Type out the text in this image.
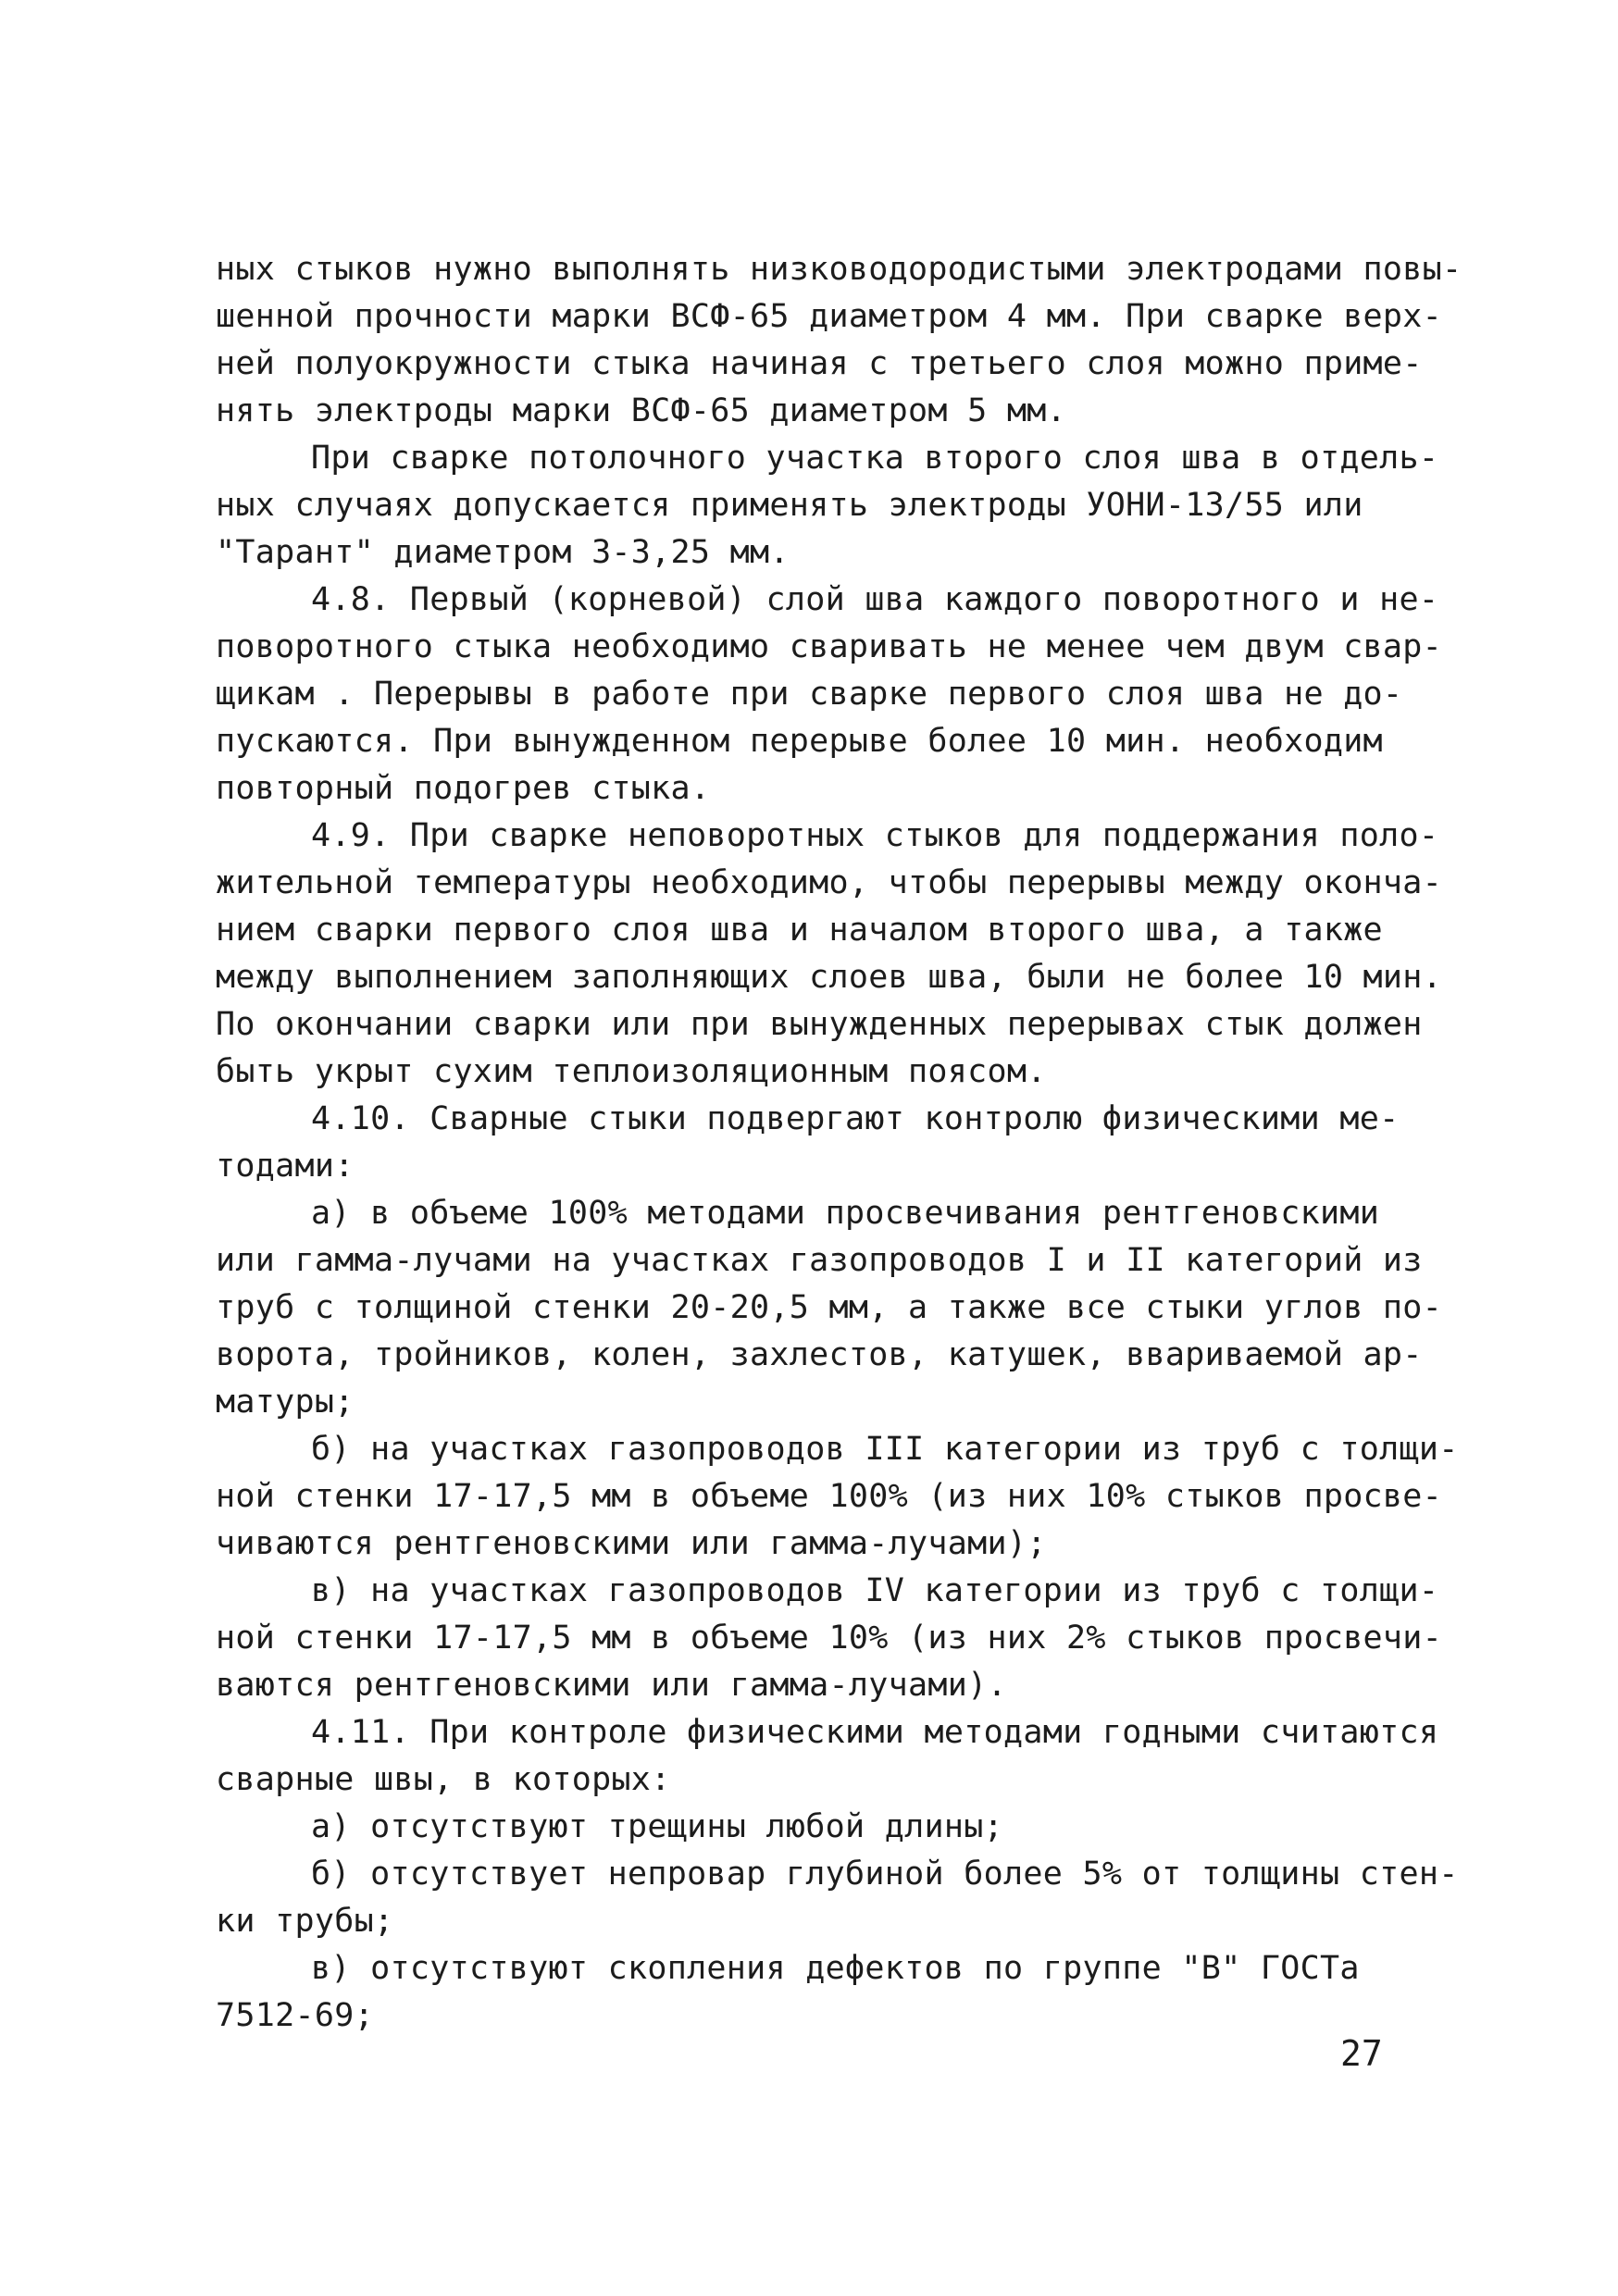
ных стыков нужно выполнять низководородистыми электродами повы-
шенной прочности марки ВСФ-65 диаметром 4 мм. При сварке верх-
ней полуокружности стыка начиная с третьего слоя можно приме-
нять электроды марки ВСФ-65 диаметром 5 мм.
При сварке потолочного участка второго слоя шва в отдель-
ных случаях допускается применять электроды УОНИ-13/55 или
"Тарант" диаметром 3-3,25 мм.
4.8. Первый (корневой) слой шва каждого поворотного и не-
поворотного стыка необходимо сваривать не менее чем двум свар-
щикам . Перерывы в работе при сварке первого слоя шва не до-
пускаются. При вынужденном перерыве более 10 мин. необходим
повторный подогрев стыка.
4.9. При сварке неповоротных стыков для поддержания поло-
жительной температуры необходимо, чтобы перерывы между оконча-
нием сварки первого слоя шва и началом второго шва, а также
между выполнением заполняющих слоев шва, были не более 10 мин.
По окончании сварки или при вынужденных перерывах стык должен
быть укрыт сухим теплоизоляционным поясом.
4.10. Сварные стыки подвергают контролю физическими ме-
тодами:
а) в объеме 100% методами просвечивания рентгеновскими
или гамма-лучами на участках газопроводов I и II категорий из
труб с толщиной стенки 20-20,5 мм, а также все стыки углов по-
ворота, тройников, колен, захлестов, катушек, ввариваемой ар-
матуры;
б) на участках газопроводов III категории из труб с толщи-
ной стенки 17-17,5 мм в объеме 100% (из них 10% стыков просве-
чиваются рентгеновскими или гамма-лучами);
в) на участках газопроводов IV категории из труб с толщи-
ной стенки 17-17,5 мм в объеме 10% (из них 2% стыков просвечи-
ваются рентгеновскими или гамма-лучами).
4.11. При контроле физическими методами годными считаются
сварные швы, в которых:
а) отсутствуют трещины любой длины;
б) отсутствует непровар глубиной более 5% от толщины стен-
ки трубы;
в) отсутствуют скопления дефектов по группе "В" ГОСТа
7512-69;
27
